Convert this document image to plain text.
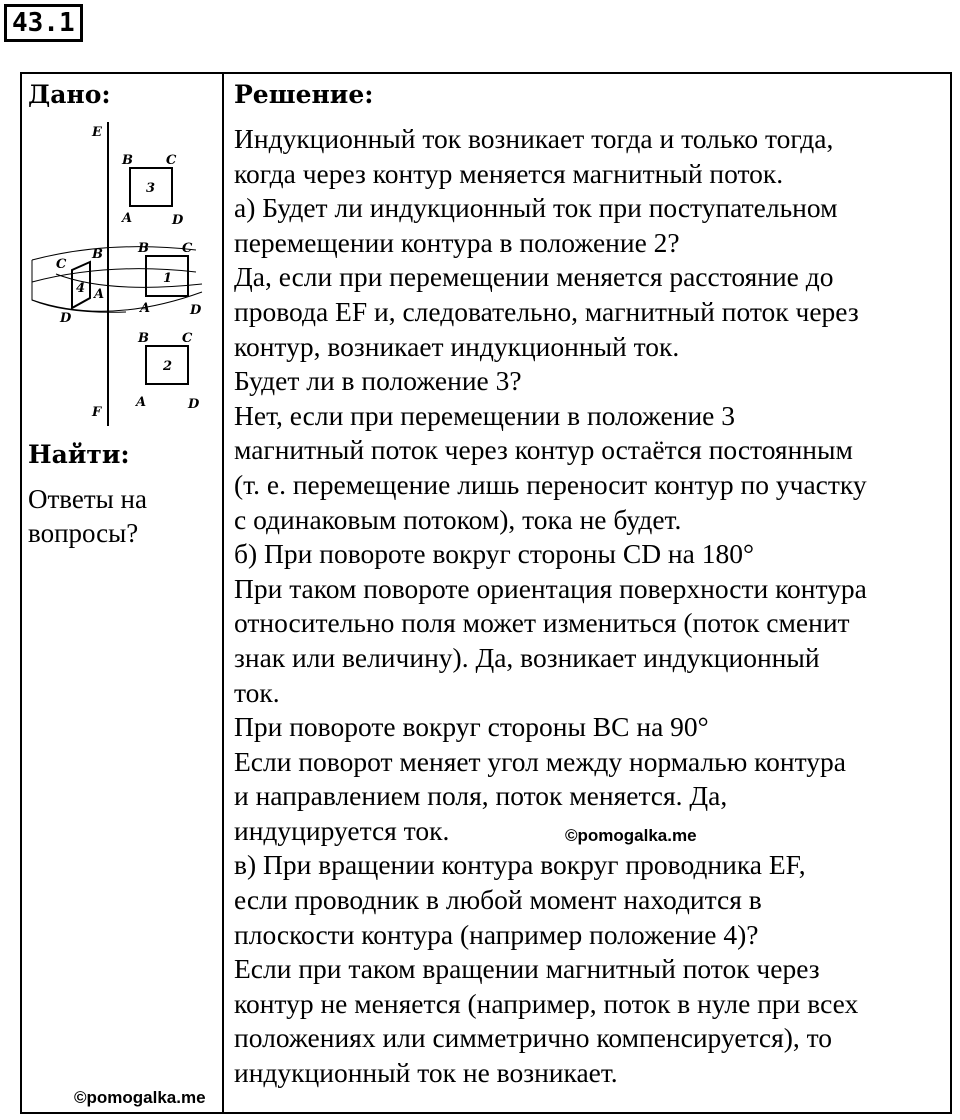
43.1
Дано:
E
F
B	C
A	D
3
B	C
A	D
1
C
B
A
D
4
B	C
A	D
2
Найти:
Ответы на вопросы?
Решение:
Индукционный ток возникает тогда и только тогда,
когда через контур меняется магнитный поток.
а) Будет ли индукционный ток при поступательном
перемещении контура в положение 2?
Да, если при перемещении меняется расстояние до
провода EF и, следовательно, магнитный поток через
контур, возникает индукционный ток.
Будет ли в положение 3?
Нет, если при перемещении в положение 3
магнитный поток через контур остаётся постоянным
(т. е. перемещение лишь переносит контур по участку
с одинаковым потоком), тока не будет.
б) При повороте вокруг стороны CD на 180°
При таком повороте ориентация поверхности контура
относительно поля может измениться (поток сменит
знак или величину). Да, возникает индукционный
ток.
При повороте вокруг стороны BC на 90°
Если поворот меняет угол между нормалью контура
и направлением поля, поток меняется. Да,
индуцируется ток.
в) При вращении контура вокруг проводника EF,
если проводник в любой момент находится в
плоскости контура (например положение 4)?
Если при таком вращении магнитный поток через
контур не меняется (например, поток в нуле при всех
положениях или симметрично компенсируется), то
индукционный ток не возникает.
©pomogalka.me
©pomogalka.me
